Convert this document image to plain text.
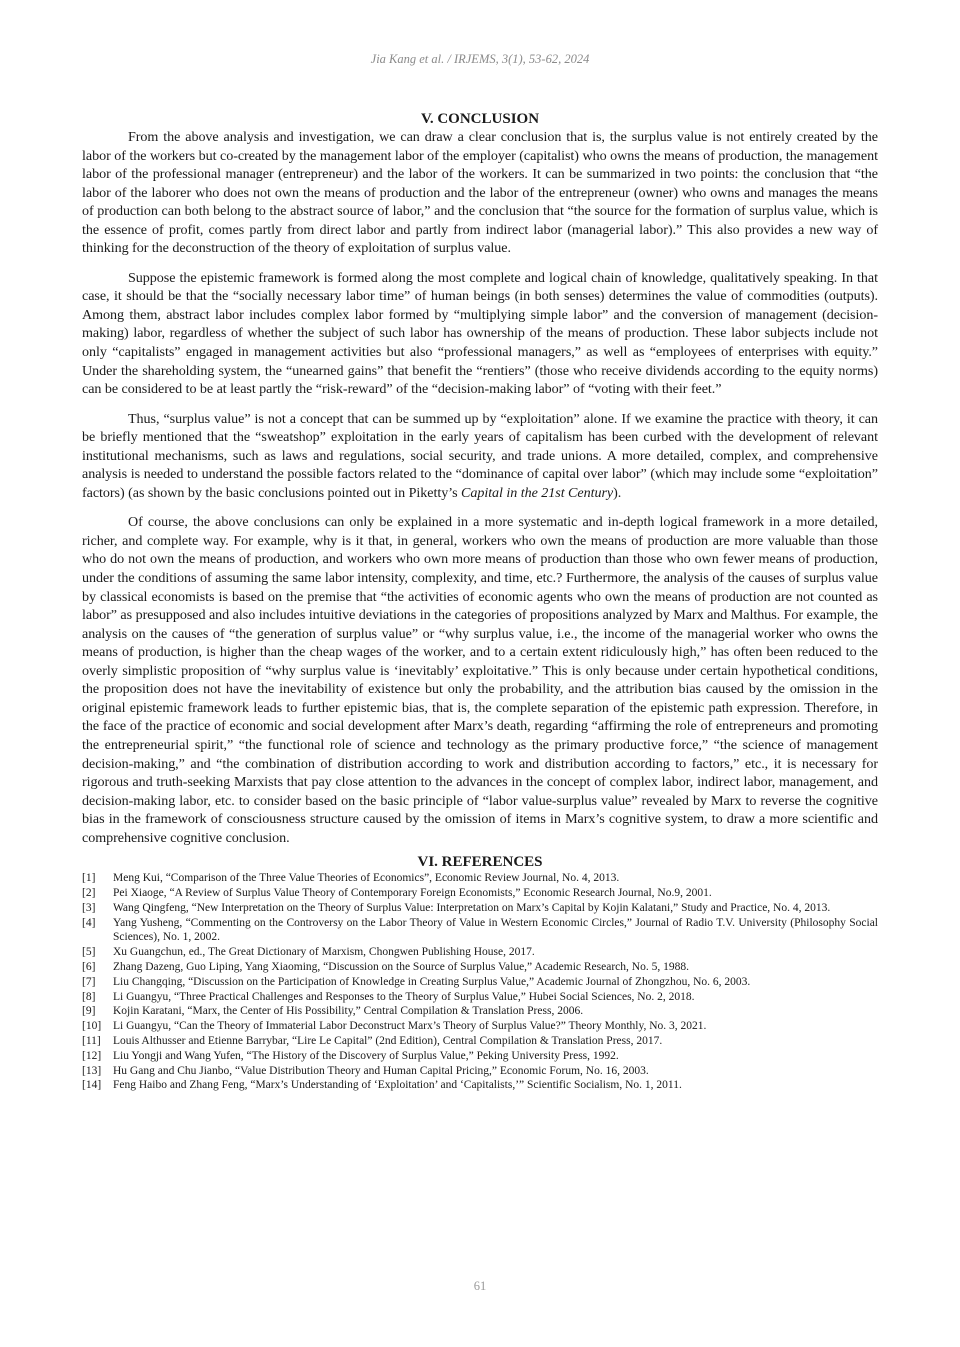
Jia Kang et al. / IRJEMS, 3(1), 53-62, 2024
V. CONCLUSION

From the above analysis and investigation, we can draw a clear conclusion that is, the surplus value is not entirely created by the labor of the workers but co-created by the management labor of the employer (capitalist) who owns the means of production, the management labor of the professional manager (entrepreneur) and the labor of the workers. It can be summarized in two points: the conclusion that “the labor of the laborer who does not own the means of production and the labor of the entrepreneur (owner) who owns and manages the means of production can both belong to the abstract source of labor,” and the conclusion that “the source for the formation of surplus value, which is the essence of profit, comes partly from direct labor and partly from indirect labor (managerial labor).” This also provides a new way of thinking for the deconstruction of the theory of exploitation of surplus value.

Suppose the epistemic framework is formed along the most complete and logical chain of knowledge, qualitatively speaking. In that case, it should be that the “socially necessary labor time” of human beings (in both senses) determines the value of commodities (outputs). Among them, abstract labor includes complex labor formed by “multiplying simple labor” and the conversion of management (decision-making) labor, regardless of whether the subject of such labor has ownership of the means of production. These labor subjects include not only “capitalists” engaged in management activities but also “professional managers,” as well as “employees of enterprises with equity.” Under the shareholding system, the “unearned gains” that benefit the “rentiers” (those who receive dividends according to the equity norms) can be considered to be at least partly the “risk-reward” of the “decision-making labor” of “voting with their feet.”

Thus, “surplus value” is not a concept that can be summed up by “exploitation” alone. If we examine the practice with theory, it can be briefly mentioned that the “sweatshop” exploitation in the early years of capitalism has been curbed with the development of relevant institutional mechanisms, such as laws and regulations, social security, and trade unions. A more detailed, complex, and comprehensive analysis is needed to understand the possible factors related to the “dominance of capital over labor” (which may include some “exploitation” factors) (as shown by the basic conclusions pointed out in Piketty’s Capital in the 21st Century).

Of course, the above conclusions can only be explained in a more systematic and in-depth logical framework in a more detailed, richer, and complete way. For example, why is it that, in general, workers who own the means of production are more valuable than those who do not own the means of production, and workers who own more means of production than those who own fewer means of production, under the conditions of assuming the same labor intensity, complexity, and time, etc.? Furthermore, the analysis of the causes of surplus value by classical economists is based on the premise that “the activities of economic agents who own the means of production are not counted as labor” as presupposed and also includes intuitive deviations in the categories of propositions analyzed by Marx and Malthus. For example, the analysis on the causes of “the generation of surplus value” or “why surplus value, i.e., the income of the managerial worker who owns the means of production, is higher than the cheap wages of the worker, and to a certain extent ridiculously high,” has often been reduced to the overly simplistic proposition of “why surplus value is ‘inevitably’ exploitative.” This is only because under certain hypothetical conditions, the proposition does not have the inevitability of existence but only the probability, and the attribution bias caused by the omission in the original epistemic framework leads to further epistemic bias, that is, the complete separation of the epistemic path expression. Therefore, in the face of the practice of economic and social development after Marx’s death, regarding “affirming the role of entrepreneurs and promoting the entrepreneurial spirit,” “the functional role of science and technology as the primary productive force,” “the science of management decision-making,” and “the combination of distribution according to work and distribution according to factors,” etc., it is necessary for rigorous and truth-seeking Marxists that pay close attention to the advances in the concept of complex labor, indirect labor, management, and decision-making labor, etc. to consider based on the basic principle of “labor value-surplus value” revealed by Marx to reverse the cognitive bias in the framework of consciousness structure caused by the omission of items in Marx’s cognitive system, to draw a more scientific and comprehensive cognitive conclusion.

VI. REFERENCES
[1] Meng Kui, “Comparison of the Three Value Theories of Economics”, Economic Review Journal, No. 4, 2013.
[2] Pei Xiaoge, “A Review of Surplus Value Theory of Contemporary Foreign Economists,” Economic Research Journal, No.9, 2001.
[3] Wang Qingfeng, “New Interpretation on the Theory of Surplus Value: Interpretation on Marx’s Capital by Kojin Kalatani,” Study and Practice, No. 4, 2013.
[4] Yang Yusheng, “Commenting on the Controversy on the Labor Theory of Value in Western Economic Circles,” Journal of Radio T.V. University (Philosophy Social Sciences), No. 1, 2002.
[5] Xu Guangchun, ed., The Great Dictionary of Marxism, Chongwen Publishing House, 2017.
[6] Zhang Dazeng, Guo Liping, Yang Xiaoming, “Discussion on the Source of Surplus Value,” Academic Research, No. 5, 1988.
[7] Liu Changqing, “Discussion on the Participation of Knowledge in Creating Surplus Value,” Academic Journal of Zhongzhou, No. 6, 2003.
[8] Li Guangyu, “Three Practical Challenges and Responses to the Theory of Surplus Value,” Hubei Social Sciences, No. 2, 2018.
[9] Kojin Karatani, “Marx, the Center of His Possibility,” Central Compilation & Translation Press, 2006.
[10] Li Guangyu, “Can the Theory of Immaterial Labor Deconstruct Marx’s Theory of Surplus Value?” Theory Monthly, No. 3, 2021.
[11] Louis Althusser and Etienne Barrybar, “Lire Le Capital” (2nd Edition), Central Compilation & Translation Press, 2017.
[12] Liu Yongji and Wang Yufen, “The History of the Discovery of Surplus Value,” Peking University Press, 1992.
[13] Hu Gang and Chu Jianbo, “Value Distribution Theory and Human Capital Pricing,” Economic Forum, No. 16, 2003.
[14] Feng Haibo and Zhang Feng, “Marx’s Understanding of ‘Exploitation’ and ‘Capitalists,’” Scientific Socialism, No. 1, 2011.
61
